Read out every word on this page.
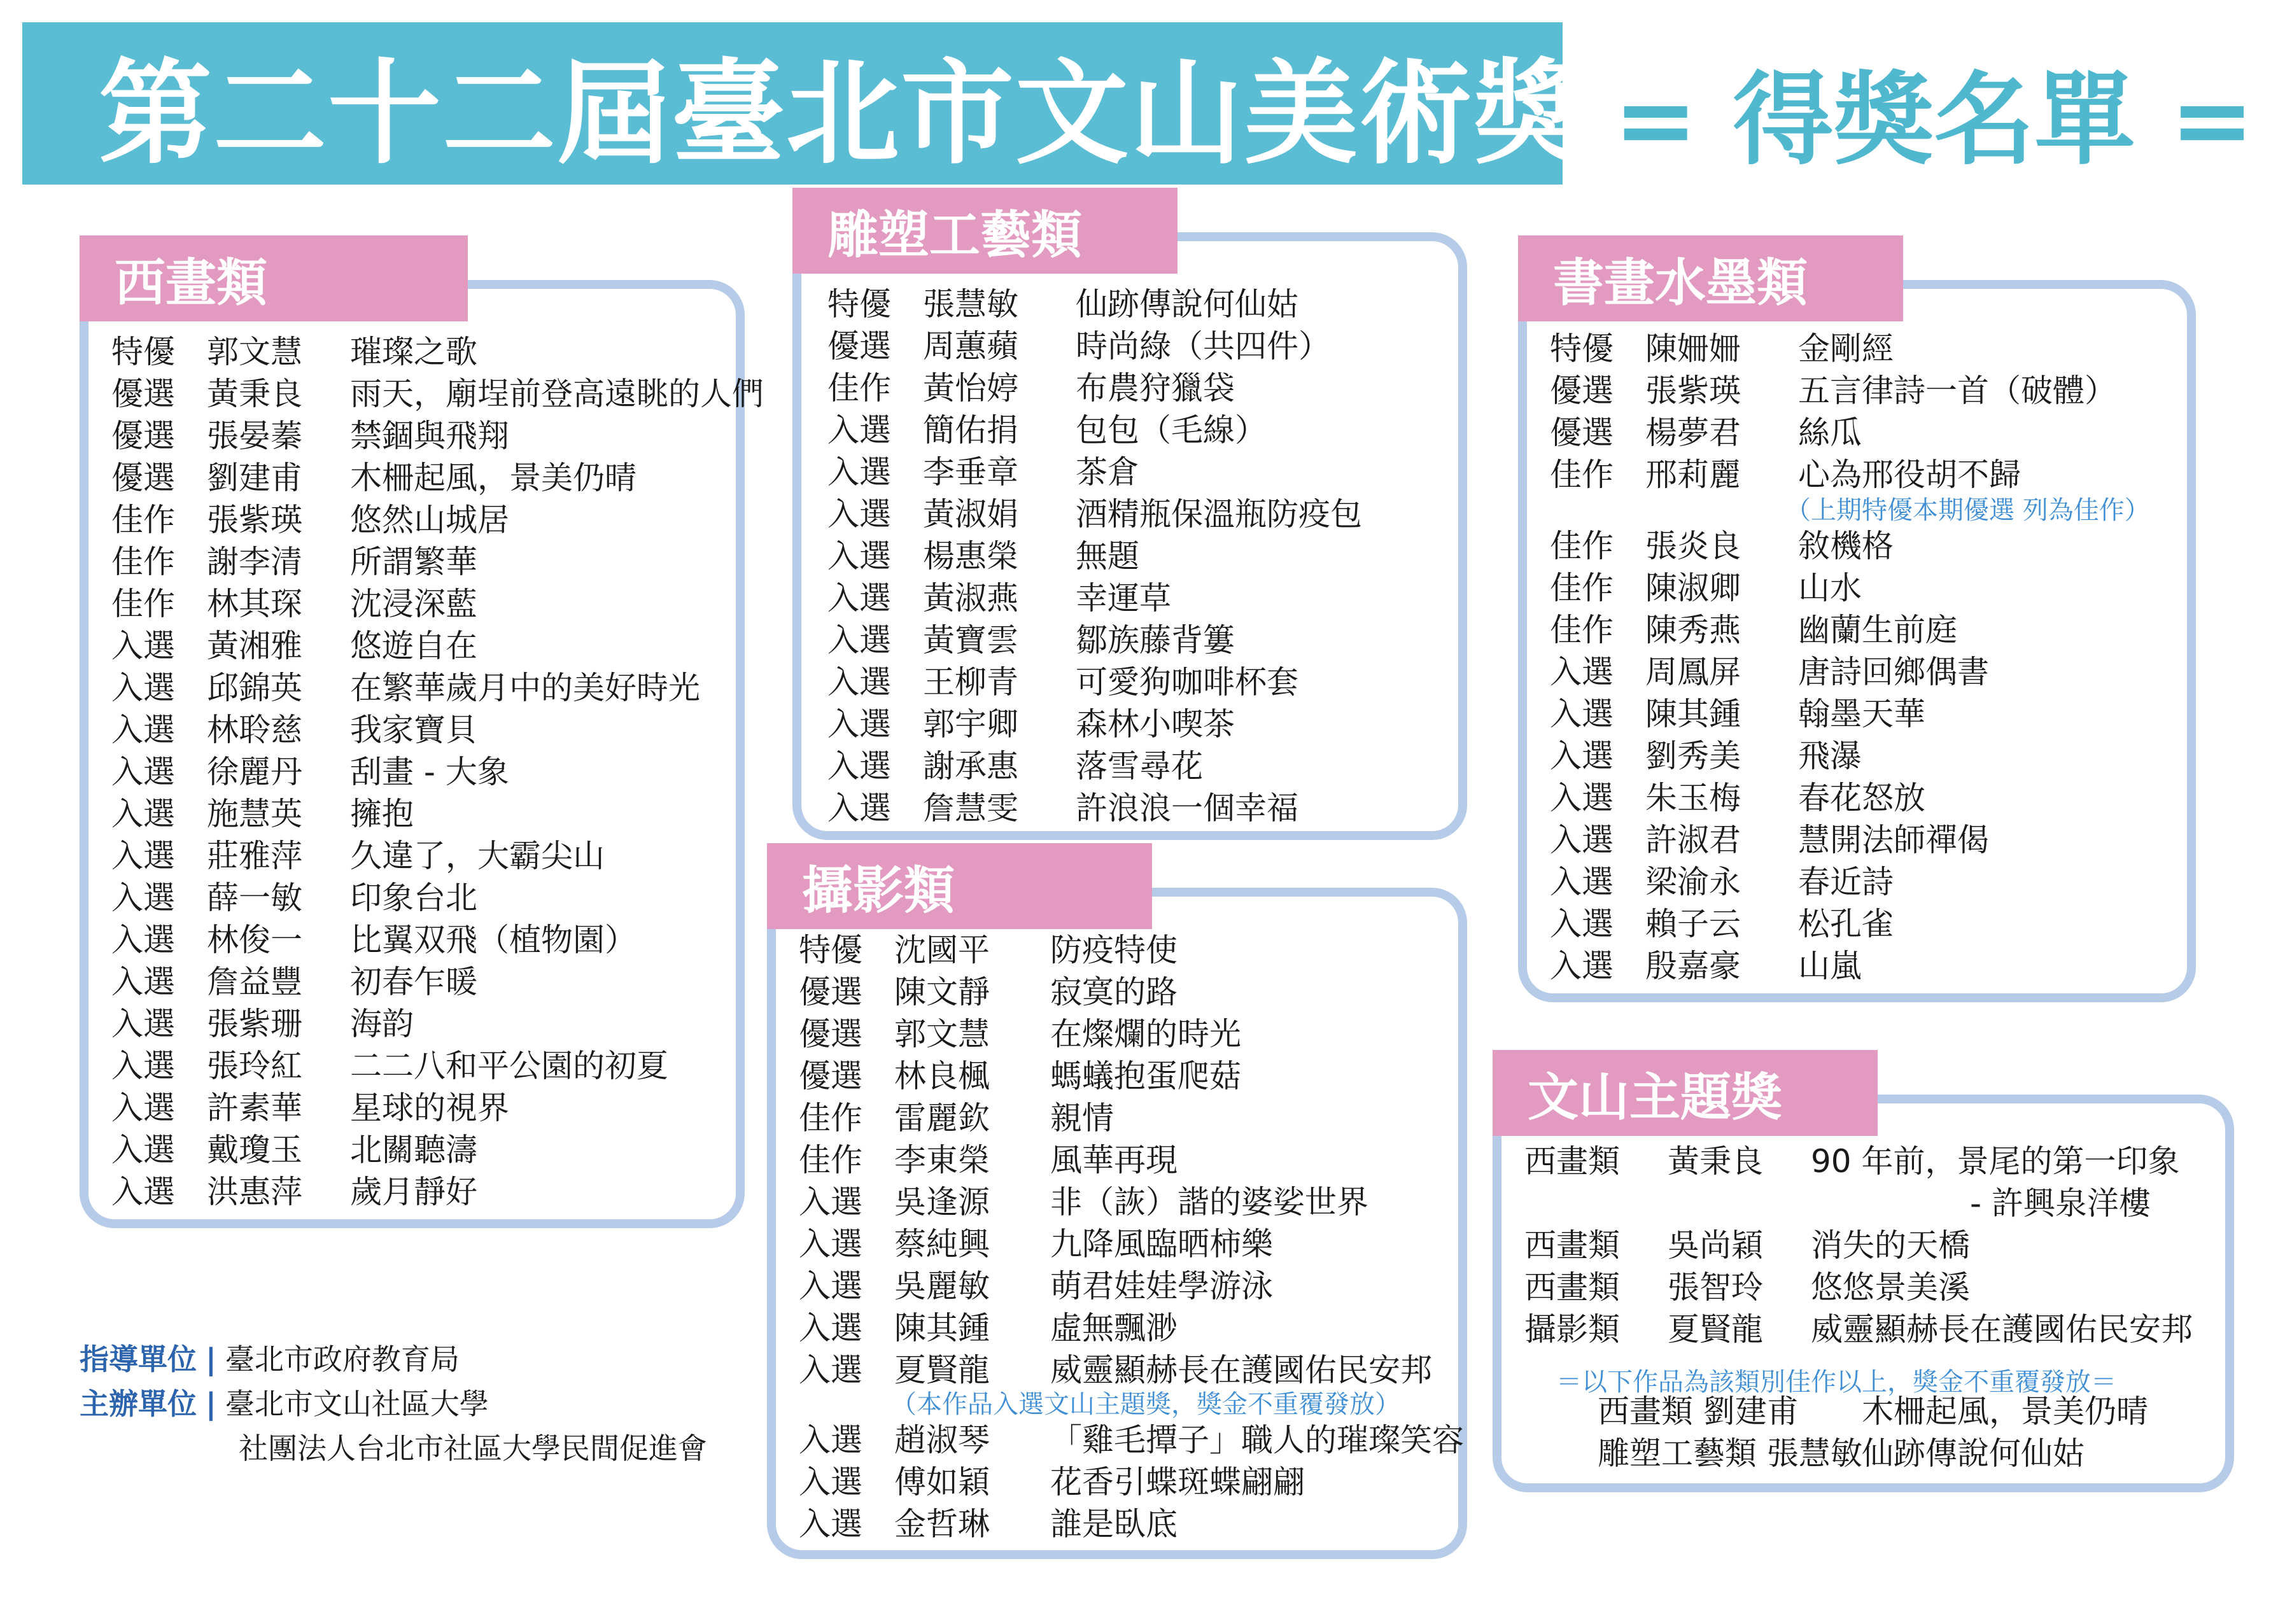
第二十二屆臺北市文山美術獎 = 得獎名單 =
西畫類
特優 郭文慧 璀璨之歌
優選 黃秉良 雨天，廟埕前登高遠眺的人們
優選 張晏蓁 禁錮與飛翔
優選 劉建甫 木柵起風，景美仍晴
佳作 張紫瑛 悠然山城居
佳作 謝李清 所謂繁華
佳作 林其琛 沈浸深藍
入選 黃湘雅 悠遊自在
入選 邱錦英 在繁華歲月中的美好時光
入選 林聆慈 我家寶貝
入選 徐麗丹 刮畫 - 大象
入選 施慧英 擁抱
入選 莊雅萍 久違了，大霸尖山
入選 薛一敏 印象台北
入選 林俊一 比翼双飛（植物園）
入選 詹益豐 初春乍暖
入選 張紫珊 海韵
入選 張玲紅 二二八和平公園的初夏
入選 許素華 星球的視界
入選 戴瓊玉 北關聽濤
入選 洪惠萍 歲月靜好
雕塑工藝類
特優 張慧敏 仙跡傳說何仙姑
優選 周蕙蘋 時尚綠（共四件）
佳作 黃怡婷 布農狩獵袋
入選 簡佑捐 包包（毛線）
入選 李垂章 茶倉
入選 黃淑娟 酒精瓶保溫瓶防疫包
入選 楊惠榮 無題
入選 黃淑燕 幸運草
入選 黃寶雲 鄒族藤背簍
入選 王柳青 可愛狗咖啡杯套
入選 郭宇卿 森林小喫茶
入選 謝承惠 落雪尋花
入選 詹慧雯 許浪浪一個幸福
攝影類
特優 沈國平 防疫特使
優選 陳文靜 寂寞的路
優選 郭文慧 在燦爛的時光
優選 林良楓 螞蟻抱蛋爬菇
佳作 雷麗欽 親情
佳作 李東榮 風華再現
入選 吳逢源 非（詼）諧的婆娑世界
入選 蔡純興 九降風臨晒柿樂
入選 吳麗敏 萌君娃娃學游泳
入選 陳其鍾 虛無飄渺
入選 夏賢龍 威靈顯赫長在護國佑民安邦
（本作品入選文山主題獎，獎金不重覆發放）
入選 趙淑琴 「雞毛撢子」職人的璀璨笑容
入選 傅如穎 花香引蝶斑蝶翩翩
入選 金哲琳 誰是臥底
書畫水墨類
特優 陳姍姍 金剛經
優選 張紫瑛 五言律詩一首（破體）
優選 楊夢君 絲瓜
佳作 邢莉麗 心為邢役胡不歸
（上期特優本期優選 列為佳作）
佳作 張炎良 敘機格
佳作 陳淑卿 山水
佳作 陳秀燕 幽蘭生前庭
入選 周鳳屏 唐詩回鄉偶書
入選 陳其鍾 翰墨天華
入選 劉秀美 飛瀑
入選 朱玉梅 春花怒放
入選 許淑君 慧開法師禪偈
入選 梁渝永 春近詩
入選 賴子云 松孔雀
入選 殷嘉豪 山嵐
文山主題獎
西畫類 黃秉良 90 年前，景尾的第一印象
- 許興泉洋樓
西畫類 吳尚穎 消失的天橋
西畫類 張智玲 悠悠景美溪
攝影類 夏賢龍 威靈顯赫長在護國佑民安邦
＝以下作品為該類別佳作以上，獎金不重覆發放＝
西畫類 劉建甫 木柵起風，景美仍晴
雕塑工藝類 張慧敏 仙跡傳說何仙姑
指導單位 | 臺北市政府教育局
主辦單位 | 臺北市文山社區大學
社團法人台北市社區大學民間促進會
